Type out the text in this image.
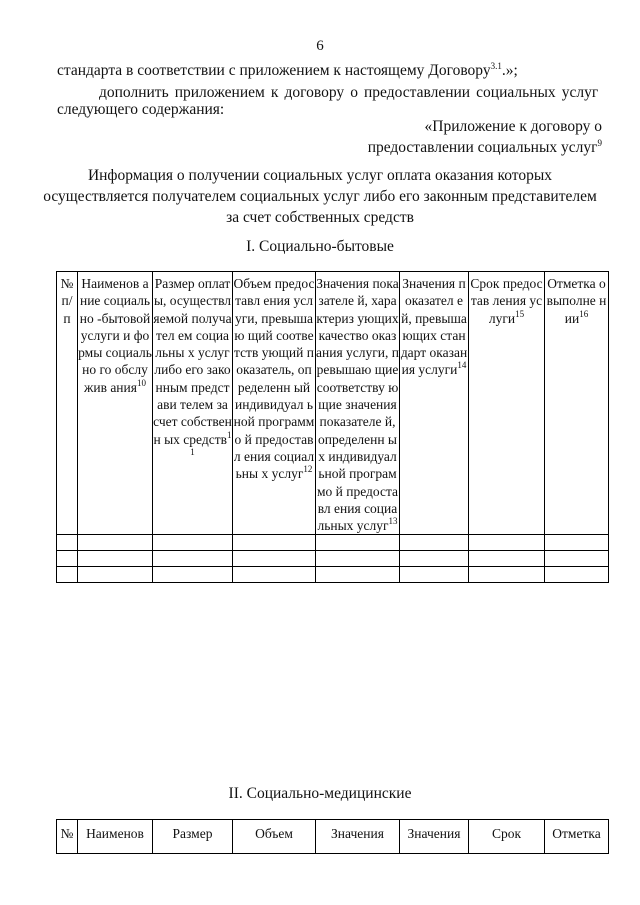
6
стандарта в соответствии с приложением к настоящему Договору$^{3.1}$.»;
дополнить приложением к договору о предоставлении социальных услуг
следующего содержания:
«Приложение к договору о
предоставлении социальных услуг$^9$
Информация о получении социальных услуг оплата оказания которых
осуществляется получателем социальных услуг либо его законным представителем
за счет собственных средств
I. Социально-бытовые
№ п/ п	Наименов ание социально -бытовой услуги и формы социально го обслужив ания$^{10}$	Размер оплаты, осуществл яемой получател ем социальны х услуг либо его законным представи телем за счет собственн ых средств$^{11}$	Объем предоставл ения услуги, превышаю щий соответств ующий показатель, определенн ый индивидуал ьной программо й предоставл ения социальны х услуг$^{12}$	Значения показателе й, характериз ующих качество оказания услуги, превышаю щие соответству ющие значения показателе й, определенн ых индивидуал ьной программо й предоставл ения социальных услуг$^{13}$	Значения показател ей, превыша ющих стандарт оказания услуги$^{14}$	Срок предостав ления услуги$^{15}$	Отметка о выполне нии$^{16}$

II. Социально-медицинские
№	Наименов	Размер	Объем	Значения	Значения	Срок	Отметка
